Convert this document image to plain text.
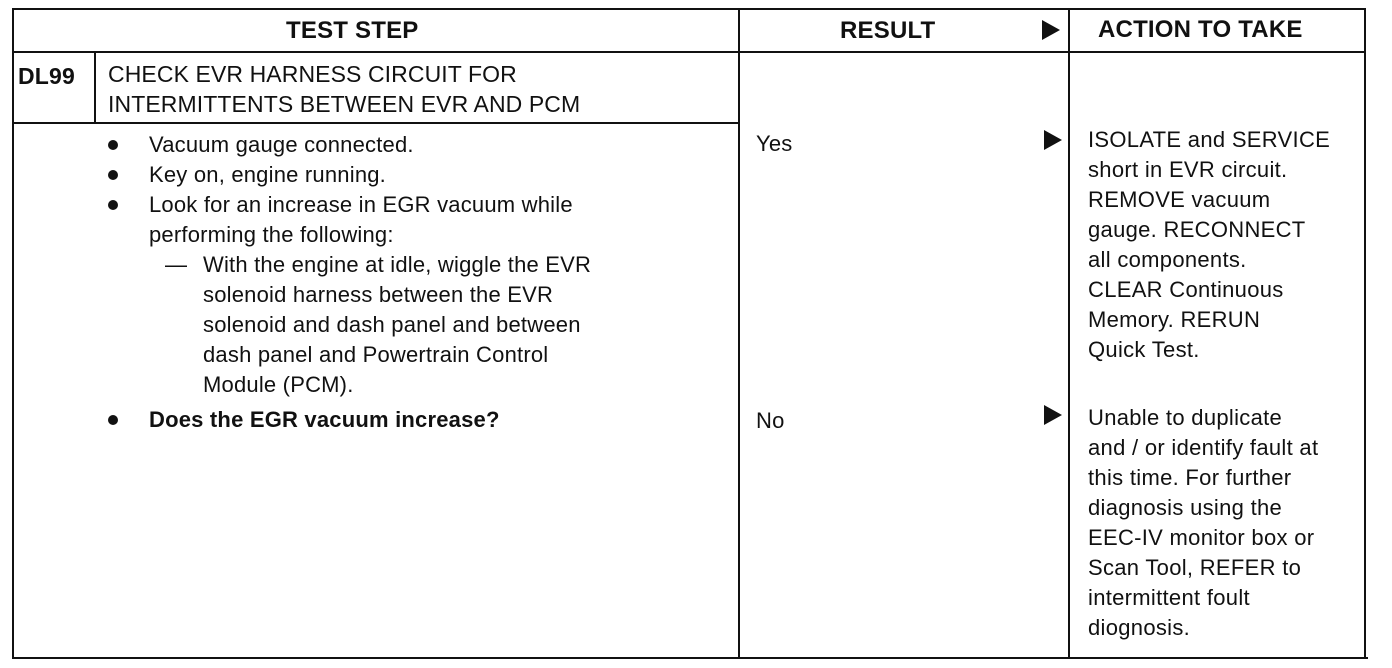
TEST STEP	RESULT	ACTION TO TAKE
DL99 CHECK EVR HARNESS CIRCUIT FOR
INTERMITTENTS BETWEEN EVR AND PCM
Vacuum gauge connected.
Key on, engine running.
Look for an increase in EGR vacuum while
performing the following:
— With the engine at idle, wiggle the EVR
solenoid harness between the EVR
solenoid and dash panel and between
dash panel and Powertrain Control
Module (PCM).
Does the EGR vacuum increase?
Yes
No
ISOLATE and SERVICE
short in EVR circuit.
REMOVE vacuum
gauge. RECONNECT
all components.
CLEAR Continuous
Memory. RERUN
Quick Test.
Unable to duplicate
and / or identify fault at
this time. For further
diagnosis using the
EEC-IV monitor box or
Scan Tool, REFER to
intermittent foult
diognosis.
